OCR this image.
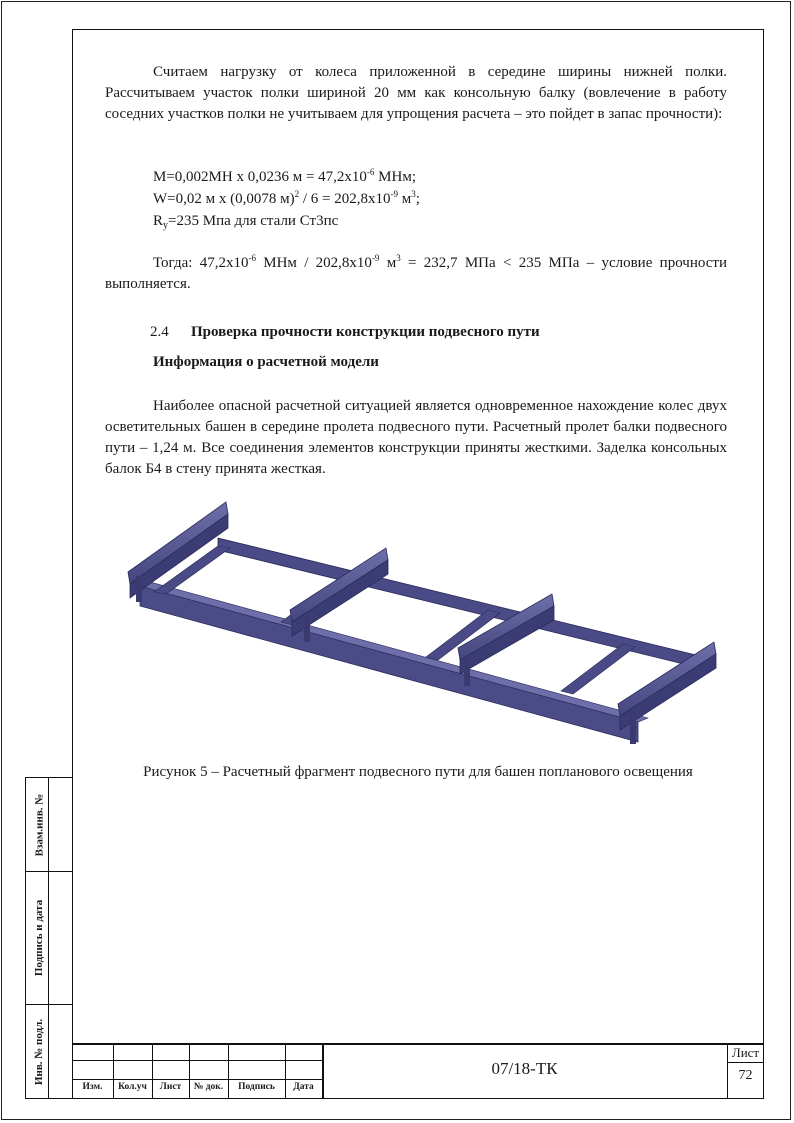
Считаем нагрузку от колеса приложенной в середине ширины нижней полки. Рассчитываем участок полки шириной 20 мм как консольную балку (вовлечение в работу соседних участков полки не учитываем для упрощения расчета – это пойдет в запас прочности):

М=0,002МН х 0,0236 $м = 47,2х10^{-6}$ МНм;
W=0,02 м х (0,0078 $м)^2 / 6 = 202,8х10^{-9}$ $м^3$;
$R_y=235$ Мпа для стали Ст3пс

Тогда: $47,2х10^{-6}$ МНм / $202,8х10^{-9}$ $м^3 = 232,7$ МПа < 235 МПа – условие прочности выполняется.

2.4 Проверка прочности конструкции подвесного пути
Информация о расчетной модели

Наиболее опасной расчетной ситуацией является одновременное нахождение колес двух осветительных башен в середине пролета подвесного пути. Расчетный пролет балки подвесного пути – 1,24 м. Все соединения элементов конструкции приняты жесткими. Заделка консольных балок Б4 в стену принята жесткая.

Рисунок 5 – Расчетный фрагмент подвесного пути для башен попланового освещения
Взам.инв. №
Подпись и дата
Инв. № подл.
Изм.	Кол.уч	Лист	№ док.	Подпись	Дата
07/18-ТК
Лист
72
